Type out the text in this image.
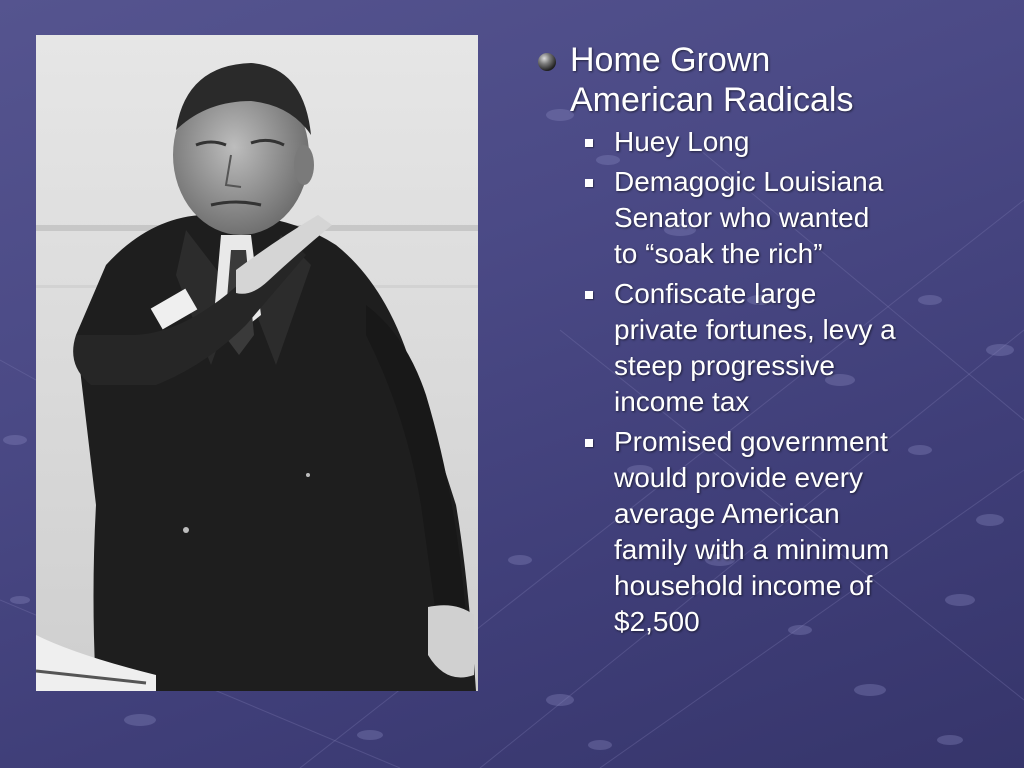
Home Grown
American Radicals
Huey Long
Demagogic Louisiana
Senator who wanted
to “soak the rich”
Confiscate large
private fortunes, levy a
steep progressive
income tax
Promised government
would provide every
average American
family with a minimum
household income of
$2,500
